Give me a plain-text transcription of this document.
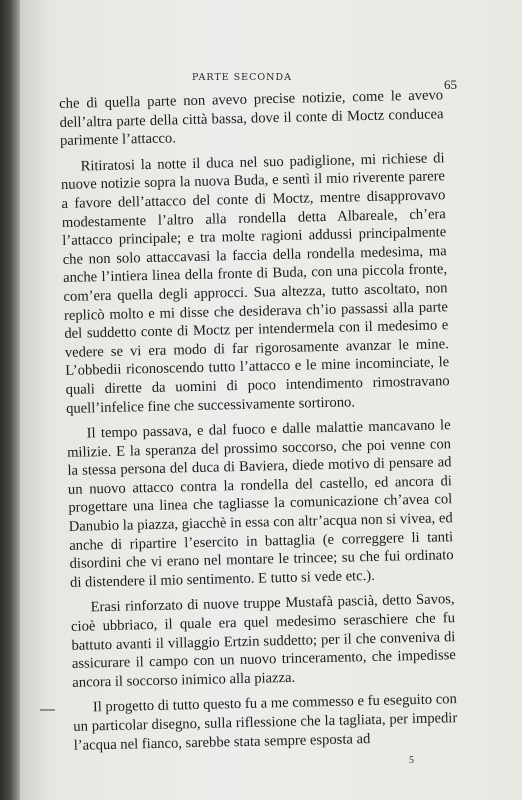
PARTE SECONDA	65

che di quella parte non avevo precise notizie, come le avevo dell’altra parte della città bassa, dove il conte di Moctz conducea parimente l’attacco.

Ritiratosi la notte il duca nel suo padiglione, mi richiese di nuove notizie sopra la nuova Buda, e sentì il mio riverente parere a favore dell’attacco del conte di Moctz, mentre disapprovavo modestamente l’altro alla rondella detta Albareale, ch’era l’attacco principale; e tra molte ragioni addussi principalmente che non solo attaccavasi la faccia della rondella medesima, ma anche l’intiera linea della fronte di Buda, con una piccola fronte, com’era quella degli approcci. Sua altezza, tutto ascoltato, non replicò molto e mi disse che desiderava ch’io passassi alla parte del suddetto conte di Moctz per intendermela con il medesimo e vedere se vi era modo di far rigorosamente avanzar le mine. L’obbedii riconoscendo tutto l’attacco e le mine incominciate, le quali dirette da uomini di poco intendimento rimostravano quell’infelice fine che successivamente sortirono.

Il tempo passava, e dal fuoco e dalle malattie mancavano le milizie. E la speranza del prossimo soccorso, che poi venne con la stessa persona del duca di Baviera, diede motivo di pensare ad un nuovo attacco contra la rondella del castello, ed ancora di progettare una linea che tagliasse la comunicazione ch’avea col Danubio la piazza, giacchè in essa con altr’acqua non si vivea, ed anche di ripartire l’esercito in battaglia (e correggere li tanti disordini che vi erano nel montare le trincee; su che fui ordinato di distendere il mio sentimento. E tutto si vede etc.).

Erasi rinforzato di nuove truppe Mustafà pascià, detto Savos, cioè ubbriaco, il quale era quel medesimo seraschiere che fu battuto avanti il villaggio Ertzin suddetto; per il che conveniva di assicurare il campo con un nuovo trinceramento, che impedisse ancora il soccorso inimico alla piazza.

Il progetto di tutto questo fu a me commesso e fu eseguito con un particolar disegno, sulla riflessione che la tagliata, per impedir l’acqua nel fianco, sarebbe stata sempre esposta ad

5
